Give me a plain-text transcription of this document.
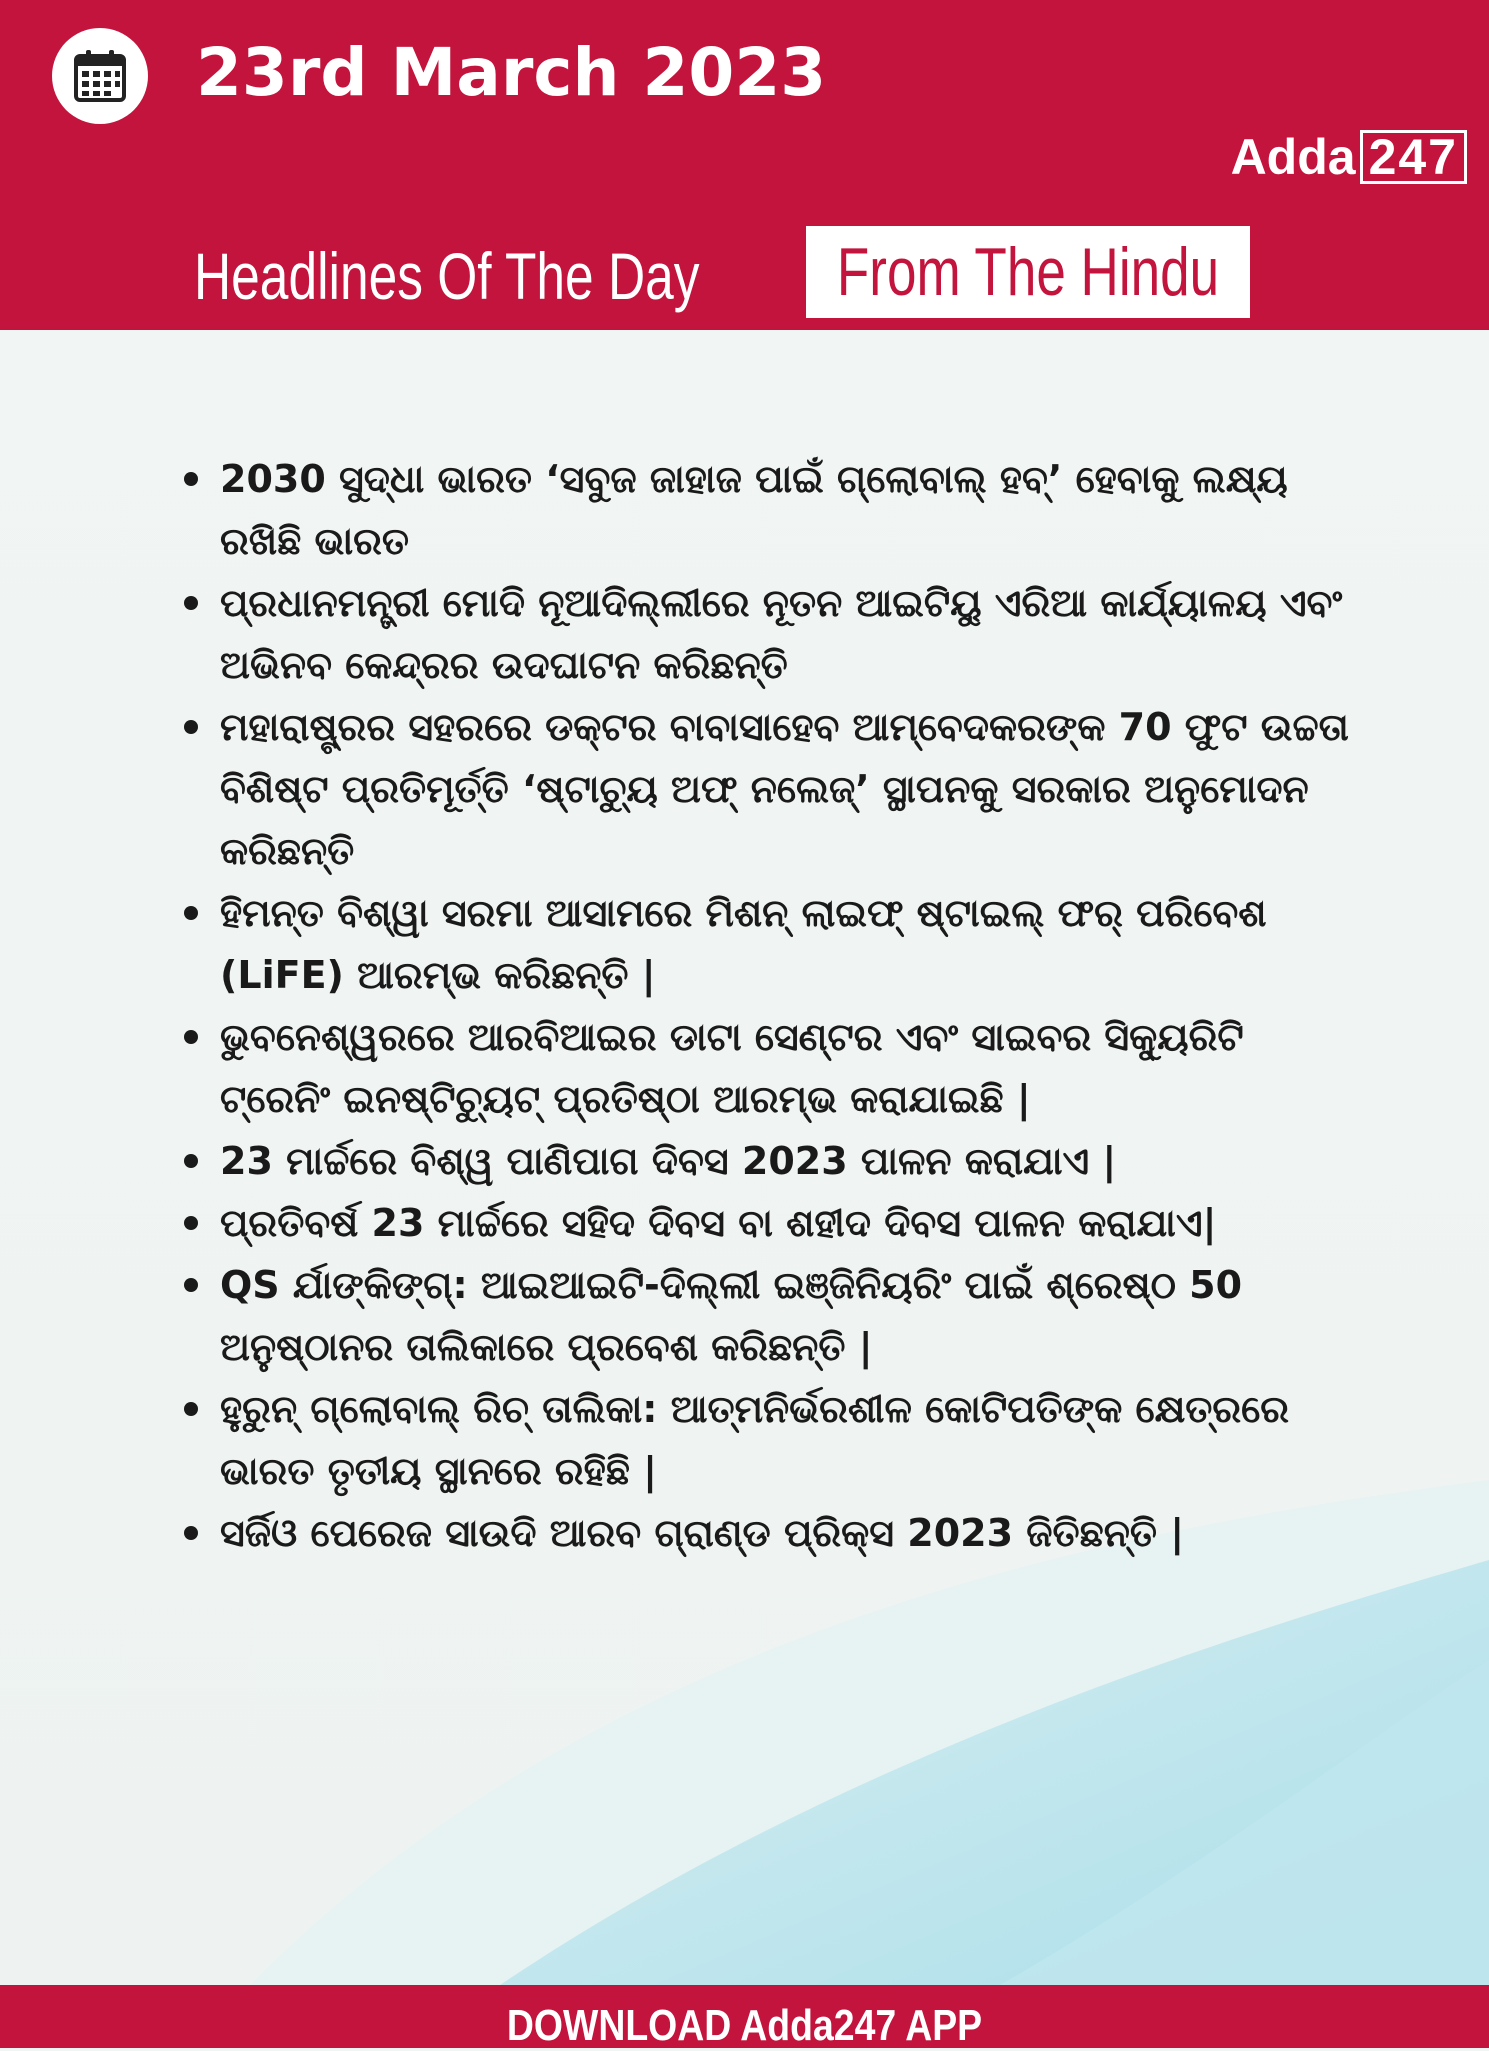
23rd March 2023
Adda 247
Headlines Of The Day From The Hindu
2030 ସୁଦ୍ଧା ଭାରତ ‘ସବୁଜ ଜାହାଜ ପାଇଁ ଗ୍ଲୋବାଲ୍ ହବ୍’ ହେବାକୁ ଲକ୍ଷ୍ୟ ରଖିଛି ଭାରତ
ପ୍ରଧାନମନ୍ତ୍ରୀ ମୋଦି ନୂଆଦିଲ୍ଲୀରେ ନୂତନ ଆଇଟିୟୁ ଏରିଆ କାର୍ଯ୍ୟାଳୟ ଏବଂ ଅଭିନବ କେନ୍ଦ୍ରର ଉଦଘାଟନ କରିଛନ୍ତି
ମହାରାଷ୍ଟ୍ରର ସହରରେ ଡକ୍ଟର ବାବାସାହେବ ଆମ୍ବେଦକରଙ୍କ 70 ଫୁଟ ଉଚ୍ଚତା ବିଶିଷ୍ଟ ପ୍ରତିମୂର୍ତ୍ତି ‘ଷ୍ଟାଚ୍ୟୁ ଅଫ୍ ନଲେଜ୍’ ସ୍ଥାପନକୁ ସରକାର ଅନୁମୋଦନ କରିଛନ୍ତି
ହିମନ୍ତ ବିଶ୍ୱା ସରମା ଆସାମରେ ମିଶନ୍ ଲାଇଫ୍ ଷ୍ଟାଇଲ୍ ଫର୍ ପରିବେଶ (LiFE) ଆରମ୍ଭ କରିଛନ୍ତି |
ଭୁବନେଶ୍ୱରରେ ଆରବିଆଇର ଡାଟା ସେଣ୍ଟର ଏବଂ ସାଇବର ସିକ୍ୟୁରିଟି ଟ୍ରେନିଂ ଇନଷ୍ଟିଚ୍ୟୁଟ୍ ପ୍ରତିଷ୍ଠା ଆରମ୍ଭ କରାଯାଇଛି |
23 ମାର୍ଚ୍ଚରେ ବିଶ୍ୱ ପାଣିପାଗ ଦିବସ 2023 ପାଳନ କରାଯାଏ |
ପ୍ରତିବର୍ଷ 23 ମାର୍ଚ୍ଚରେ ସହିଦ ଦିବସ ବା ଶହୀଦ ଦିବସ ପାଳନ କରାଯାଏ|
QS ର୍ଯାଙ୍କିଙ୍ଗ୍: ଆଇଆଇଟି-ଦିଲ୍ଲୀ ଇଞ୍ଜିନିୟରିଂ ପାଇଁ ଶ୍ରେଷ୍ଠ 50 ଅନୁଷ୍ଠାନର ତାଲିକାରେ ପ୍ରବେଶ କରିଛନ୍ତି |
ହୁରୁନ୍ ଗ୍ଲୋବାଲ୍ ରିଚ୍ ତାଲିକା: ଆତ୍ମନିର୍ଭରଶୀଳ କୋଟିପତିଙ୍କ କ୍ଷେତ୍ରରେ ଭାରତ ତୃତୀୟ ସ୍ଥାନରେ ରହିଛି |
ସର୍ଜିଓ ପେରେଜ ସାଉଦି ଆରବ ଗ୍ରାଣ୍ଡ ପ୍ରିକ୍ସ 2023 ଜିତିଛନ୍ତି |
DOWNLOAD Adda247 APP
